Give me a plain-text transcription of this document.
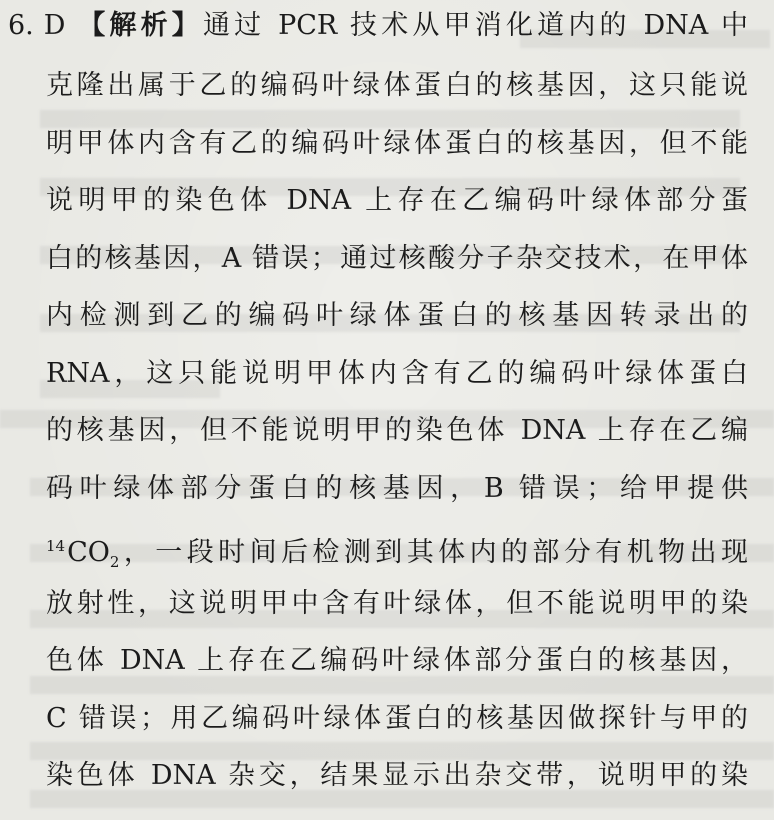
6. D 【解析】通过 PCR 技术从甲消化道内的 DNA 中
克隆出属于乙的编码叶绿体蛋白的核基因，这只能说
明甲体内含有乙的编码叶绿体蛋白的核基因，但不能
说明甲的染色体 DNA 上存在乙编码叶绿体部分蛋
白的核基因，A 错误；通过核酸分子杂交技术，在甲体
内检测到乙的编码叶绿体蛋白的核基因转录出的
RNA，这只能说明甲体内含有乙的编码叶绿体蛋白
的核基因，但不能说明甲的染色体 DNA 上存在乙编
码叶绿体部分蛋白的核基因，B 错误；给甲提供
$^{14}CO_2$，一段时间后检测到其体内的部分有机物出现
放射性，这说明甲中含有叶绿体，但不能说明甲的染
色体 DNA 上存在乙编码叶绿体部分蛋白的核基因，
C 错误；用乙编码叶绿体蛋白的核基因做探针与甲的
染色体 DNA 杂交，结果显示出杂交带，说明甲的染
